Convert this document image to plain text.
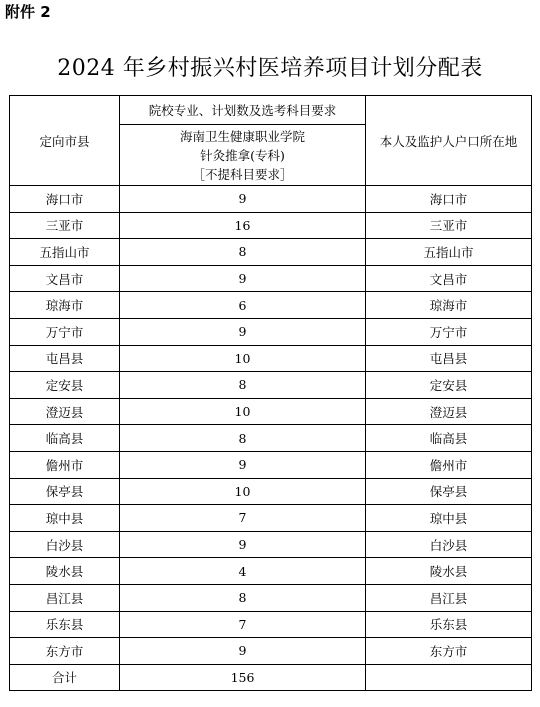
附件 2
2024 年乡村振兴村医培养项目计划分配表
定向市县	院校专业、计划数及选考科目要求	本人及监护人户口所在地

	海南卫生健康职业学院
针灸推拿(专科)
［不提科目要求］	

海口市	9	海口市
三亚市	16	三亚市
五指山市	8	五指山市
文昌市	9	文昌市
琼海市	6	琼海市
万宁市	9	万宁市
屯昌县	10	屯昌县
定安县	8	定安县
澄迈县	10	澄迈县
临高县	8	临高县
儋州市	9	儋州市
保亭县	10	保亭县
琼中县	7	琼中县
白沙县	9	白沙县
陵水县	4	陵水县
昌江县	8	昌江县
乐东县	7	乐东县
东方市	9	东方市
合计	156	
